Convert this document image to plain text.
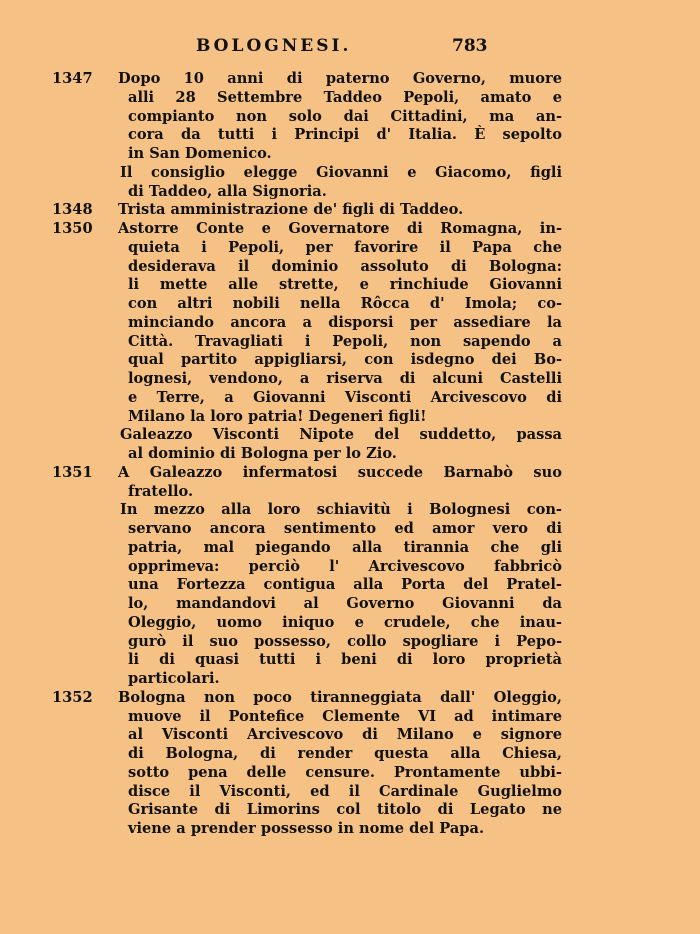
BOLOGNESI.	783
1347	Dopo 10 anni di paterno Governo, muore
alli 28 Settembre Taddeo Pepoli, amato e
compianto non solo dai Cittadini, ma an-
cora da tutti i Principi d' Italia. È sepolto
in San Domenico.
Il consiglio elegge Giovanni e Giacomo, figli
di Taddeo, alla Signoria.
1348	Trista amministrazione de' figli di Taddeo.
1350	Astorre Conte e Governatore di Romagna, in-
quieta i Pepoli, per favorire il Papa che
desiderava il dominio assoluto di Bologna:
li mette alle strette, e rinchiude Giovanni
con altri nobili nella Rôcca d' Imola; co-
minciando ancora a disporsi per assediare la
Città. Travagliati i Pepoli, non sapendo a
qual partito appigliarsi, con isdegno dei Bo-
lognesi, vendono, a riserva di alcuni Castelli
e Terre, a Giovanni Visconti Arcivescovo di
Milano la loro patria! Degeneri figli!
Galeazzo Visconti Nipote del suddetto, passa
al dominio di Bologna per lo Zio.
1351	A Galeazzo infermatosi succede Barnabò suo
fratello.
In mezzo alla loro schiavitù i Bolognesi con-
servano ancora sentimento ed amor vero di
patria, mal piegando alla tirannia che gli
opprimeva: perciò l' Arcivescovo fabbricò
una Fortezza contigua alla Porta del Pratel-
lo, mandandovi al Governo Giovanni da
Oleggio, uomo iniquo e crudele, che inau-
gurò il suo possesso, collo spogliare i Pepo-
li di quasi tutti i beni di loro proprietà
particolari.
1352	Bologna non poco tiranneggiata dall' Oleggio,
muove il Pontefice Clemente VI ad intimare
al Visconti Arcivescovo di Milano e signore
di Bologna, di render questa alla Chiesa,
sotto pena delle censure. Prontamente ubbi-
disce il Visconti, ed il Cardinale Guglielmo
Grisante di Limorins col titolo di Legato ne
viene a prender possesso in nome del Papa.
